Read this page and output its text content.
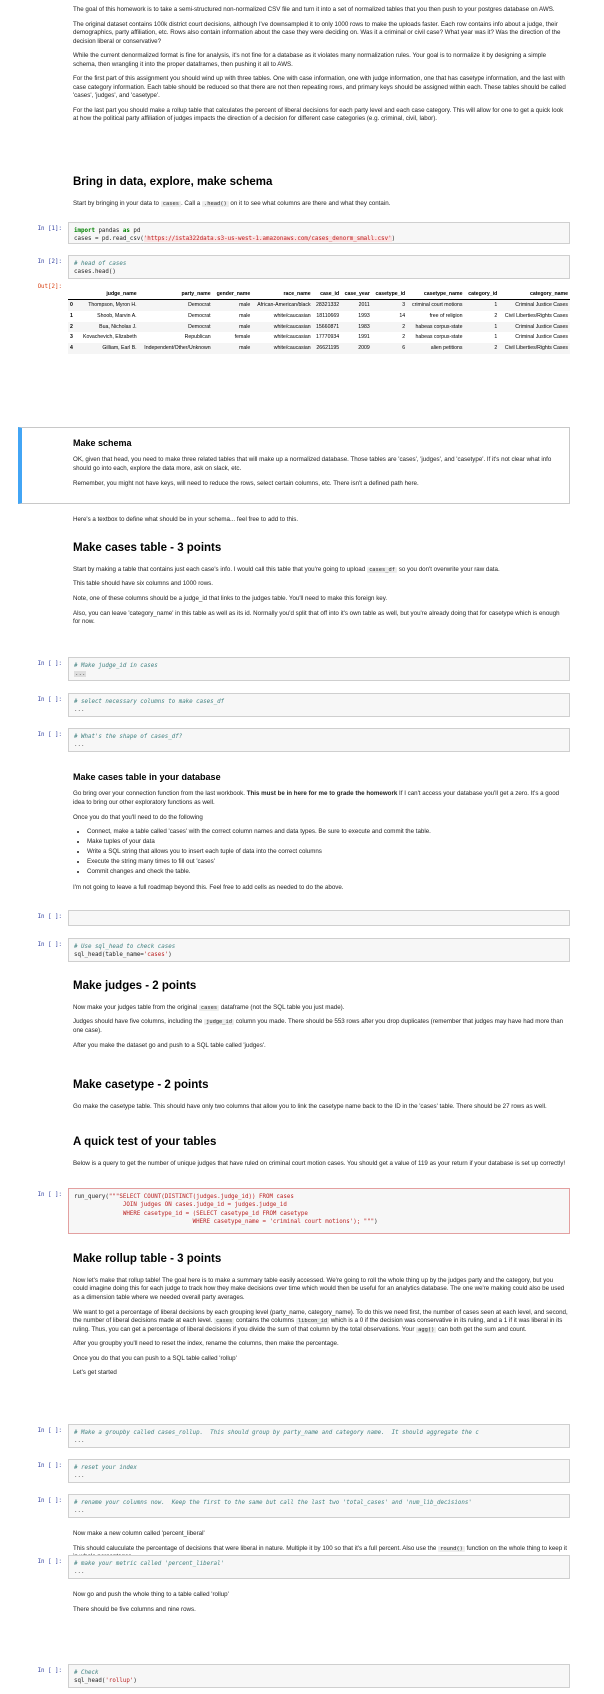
The goal of this homework is to take a semi-structured non-normalized CSV file and turn it into a set of normalized tables that you then push to your postgres database on AWS.

The original dataset contains 100k district court decisions, although I've downsampled it to only 1000 rows to make the uploads faster. Each row contains info about a judge, their demographics, party affiliation, etc. Rows also contain information about the case they were deciding on. Was it a criminal or civil case? What year was it? Was the direction of the decision liberal or conservative?

While the current denormalized format is fine for analysis, it's not fine for a database as it violates many normalization rules. Your goal is to normalize it by designing a simple schema, then wrangling it into the proper dataframes, then pushing it all to AWS.

For the first part of this assignment you should wind up with three tables. One with case information, one with judge information, one that has casetype information, and the last with case category information. Each table should be reduced so that there are not then repeating rows, and primary keys should be assigned within each. These tables should be called 'cases', 'judges', and 'casetype'.

For the last part you should make a rollup table that calculates the percent of liberal decisions for each party level and each case category. This will allow for one to get a quick look at how the political party affiliation of judges impacts the direction of a decision for different case categories (e.g. criminal, civil, labor).

Bring in data, explore, make schema

Start by bringing in your data to cases . Call a .head() on it to see what columns are there and what they contain.

In [1]:	import pandas as pd
cases = pd.read_csv('https://ista322data.s3-us-west-1.amazonaws.com/cases_denorm_small.csv')
In [2]:	# head of cases
cases.head()
Out[2]:
	judge_name	party_name	gender_name	race_name	case_id	case_year	casetype_id	casetype_name	category_id	category_name
0	Thompson, Myron H.	Democrat	male	African-American/black	28321332	2011	3	criminal court motions	1	Criminal Justice Cases
1	Shoob, Marvin A.	Democrat	male	white/caucasian	18110669	1993	14	free of religion	2	Civil Liberties/Rights Cases
2	Bua, Nicholas J.	Democrat	male	white/caucasian	15660871	1983	2	habeas corpus-state	1	Criminal Justice Cases
3	Kovachevich, Elizabeth	Republican	female	white/caucasian	17770934	1991	2	habeas corpus-state	1	Criminal Justice Cases
4	Gilliam, Earl B.	Independent/Other/Unknown	male	white/caucasian	26621195	2009	6	alien petitions	2	Civil Liberties/Rights Cases
Make schema

OK, given that head, you need to make three related tables that will make up a normalized database. Those tables are 'cases', 'judges', and 'casetype'. If it's not clear what info should go into each, explore the data more, ask on slack, etc.

Remember, you might not have keys, will need to reduce the rows, select certain columns, etc. There isn't a defined path here.

Here's a textbox to define what should be in your schema... feel free to add to this.

Make cases table - 3 points

Start by making a table that contains just each case's info. I would call this table that you're going to upload cases_df so you don't overwrite your raw data.

This table should have six columns and 1000 rows.

Note, one of these columns should be a judge_id that links to the judges table. You'll need to make this foreign key.

Also, you can leave 'category_name' in this table as well as its id. Normally you'd split that off into it's own table as well, but you're already doing that for casetype which is enough for now.

In [ ]:	# Make judge_id in cases
...
In [ ]:	# select necessary columns to make cases_df
...
In [ ]:	# What's the shape of cases_df?
...
Make cases table in your database

Go bring over your connection function from the last workbook. This must be in here for me to grade the homework If I can't access your database you'll get a zero. It's a good idea to bring our other exploratory functions as well.

Once you do that you'll need to do the following

• Connect, make a table called 'cases' with the correct column names and data types. Be sure to execute and commit the table.
• Make tuples of your data
• Write a SQL string that allows you to insert each tuple of data into the correct columns
• Execute the string many times to fill out 'cases'
• Commit changes and check the table.

I'm not going to leave a full roadmap beyond this. Feel free to add cells as needed to do the above.

In [ ]:
In [ ]:	# Use sql_head to check cases
sql_head(table_name='cases')
Make judges - 2 points

Now make your judges table from the original cases dataframe (not the SQL table you just made).

Judges should have five columns, including the judge_id column you made. There should be 553 rows after you drop duplicates (remember that judges may have had more than one case).

After you make the dataset go and push to a SQL table called 'judges'.

Make casetype - 2 points

Go make the casetype table. This should have only two columns that allow you to link the casetype name back to the ID in the 'cases' table. There should be 27 rows as well.

A quick test of your tables

Below is a query to get the number of unique judges that have ruled on criminal court motion cases. You should get a value of 119 as your return if your database is set up correctly!

In [ ]:	run_query("""SELECT COUNT(DISTINCT(judges.judge_id)) FROM cases
JOIN judges ON cases.judge_id = judges.judge_id
WHERE casetype_id = (SELECT casetype_id FROM casetype
WHERE casetype_name = 'criminal court motions'); """)
Make rollup table - 3 points

Now let's make that rollup table! The goal here is to make a summary table easily accessed. We're going to roll the whole thing up by the judges party and the category, but you could imagine doing this for each judge to track how they make decisions over time which would then be useful for an analytics database. The one we're making could also be used as a dimension table where we needed overall party averages.

We want to get a percentage of liberal decisions by each grouping level (party_name, category_name). To do this we need first, the number of cases seen at each level, and second, the number of liberal decisions made at each level. cases contains the columns libcon_id which is a 0 if the decision was conservative in its ruling, and a 1 if it was liberal in its ruling. Thus, you can get a percentage of liberal decisions if you divide the sum of that column by the total observations. Your agg() can both get the sum and count.

After you groupby you'll need to reset the index, rename the columns, then make the percentage.

Once you do that you can push to a SQL table called 'rollup'

Let's get started

In [ ]:	# Make a groupby called cases_rollup.  This should group by party_name and category name.  It should aggregate the c
...
In [ ]:	# reset your index
...
In [ ]:	# rename your columns now.  Keep the first to the same but call the last two 'total_cases' and 'num_lib_decisions'
...

Now make a new column called 'percent_liberal'

This should caluculate the percentage of decisions that were liberal in nature. Multiple it by 100 so that it's a full percent. Also use the round() function on the whole thing to keep it

In [ ]:	# make your metric called 'percent_liberal'
...

Now go and push the whole thing to a table called 'rollup'

There should be five columns and nine rows.

In [ ]:	# Check
sql_head('rollup')
